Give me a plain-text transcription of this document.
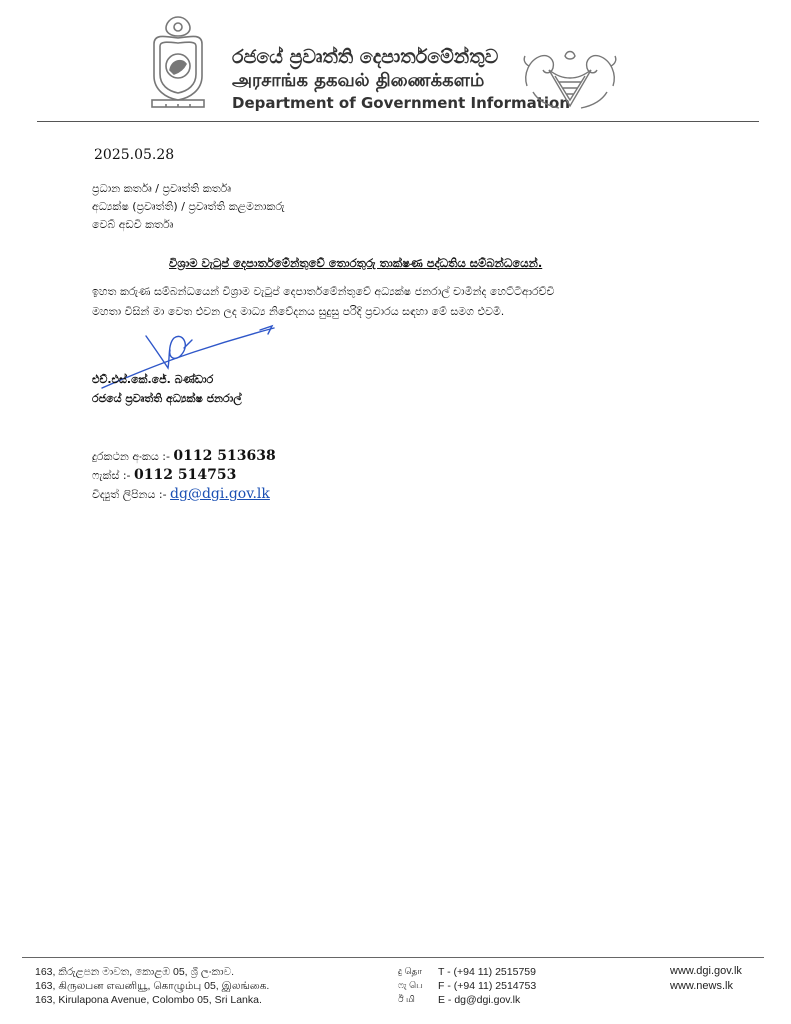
රජයේ ප්‍රවෘත්ති දෙපාර්තමේන්තුව
அரசாங்க தகவல் திணைக்களம்
Department of Government Information
2025.05.28
ප්‍රධාන කර්තෘ / ප්‍රවෘත්ති කර්තෘ
අධ්‍යක්ෂ (ප්‍රවෘත්ති) / ප්‍රවෘත්ති කළමනාකරු
වෙබ් අඩවි කර්තෘ
විශ්‍රාම වැටුප් දෙපාර්තමේන්තුවේ තොරතුරු තාක්ෂණ පද්ධතිය සම්බන්ධයෙන්.
ඉහත කරුණ සම්බන්ධයෙන් විශ්‍රාම වැටුප් දෙපාර්තමේන්තුවේ අධ්‍යක්ෂ ජනරාල් චාමින්ද හෙට්ටිආරච්චි
මහතා විසින් මා වෙත එවන ලද මාධ්‍ය නිවේදනය සුදුසු පරිදි ප්‍රචාරය සඳහා මේ සමග එවමි.
එච්.එස්.කේ.ජේ. බණ්ඩාර
රජයේ ප්‍රවෘත්ති අධ්‍යක්ෂ ජනරාල්
දුරකථන අංකය :- 0112 513638
ෆැක්ස් :- 0112 514753
විද්‍යුත් ලිපිනය :- dg@dgi.gov.lk
163, කිරුළපන මාවත, කොළඹ 05, ශ්‍රී ලංකාව.
163, கிருலபன எவனியூ, கொழும்பு 05, இலங்கை.
163, Kirulapona Avenue, Colombo 05, Sri Lanka.
දු தொ
ෆැ பெ
ඊ மி
T - (+94 11) 2515759
F - (+94 11) 2514753
E - dg@dgi.gov.lk
www.dgi.gov.lk
www.news.lk
